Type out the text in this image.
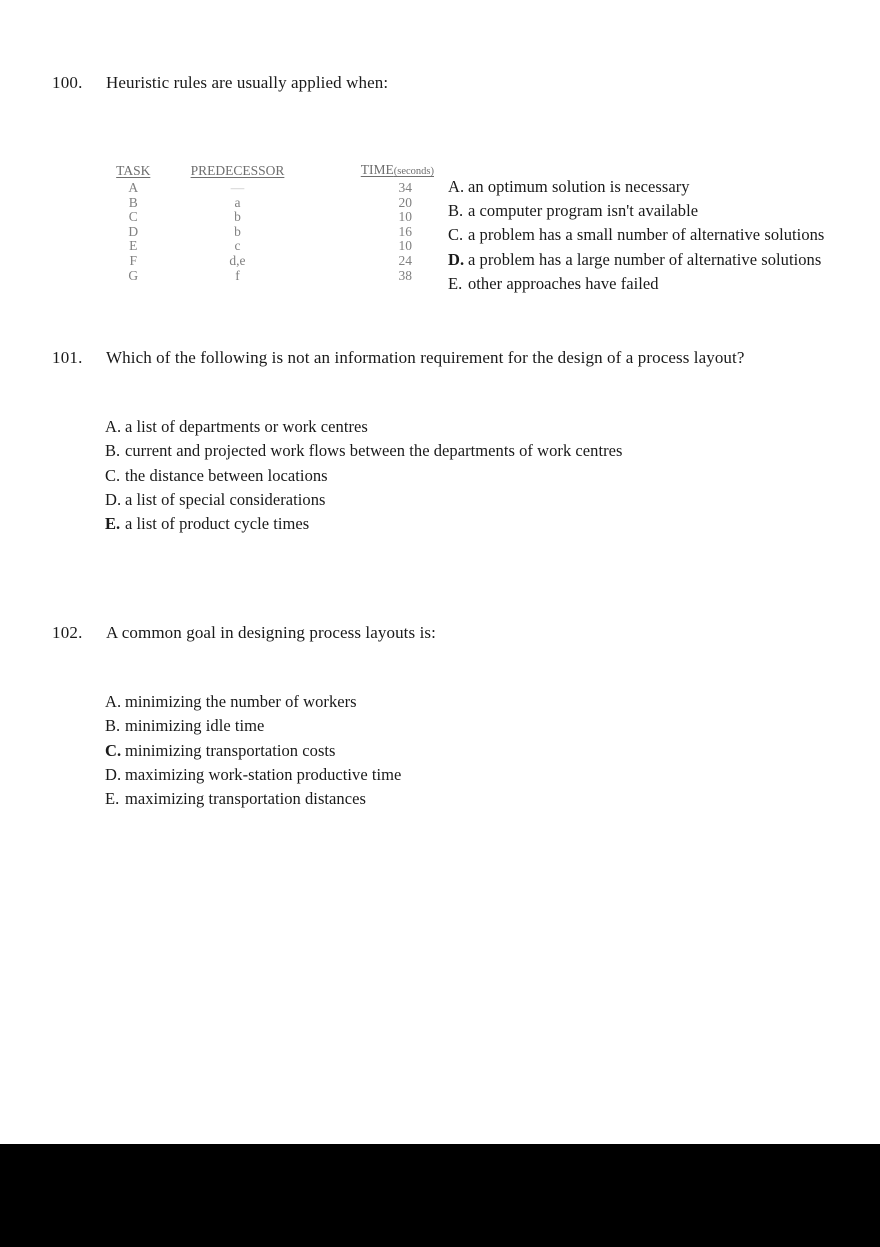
100. Heuristic rules are usually applied when:
TASK	PREDECESSOR	TIME(seconds)
A	—	34
B	a	20
C	b	10
D	b	16
E	c	10
F	d,e	24
G	f	38
A. an optimum solution is necessary
B. a computer program isn't available
C. a problem has a small number of alternative solutions
D. a problem has a large number of alternative solutions
E. other approaches have failed
101. Which of the following is not an information requirement for the design of a process layout?
A. a list of departments or work centres
B. current and projected work flows between the departments of work centres
C. the distance between locations
D. a list of special considerations
E. a list of product cycle times
102. A common goal in designing process layouts is:
A. minimizing the number of workers
B. minimizing idle time
C. minimizing transportation costs
D. maximizing work-station productive time
E. maximizing transportation distances
